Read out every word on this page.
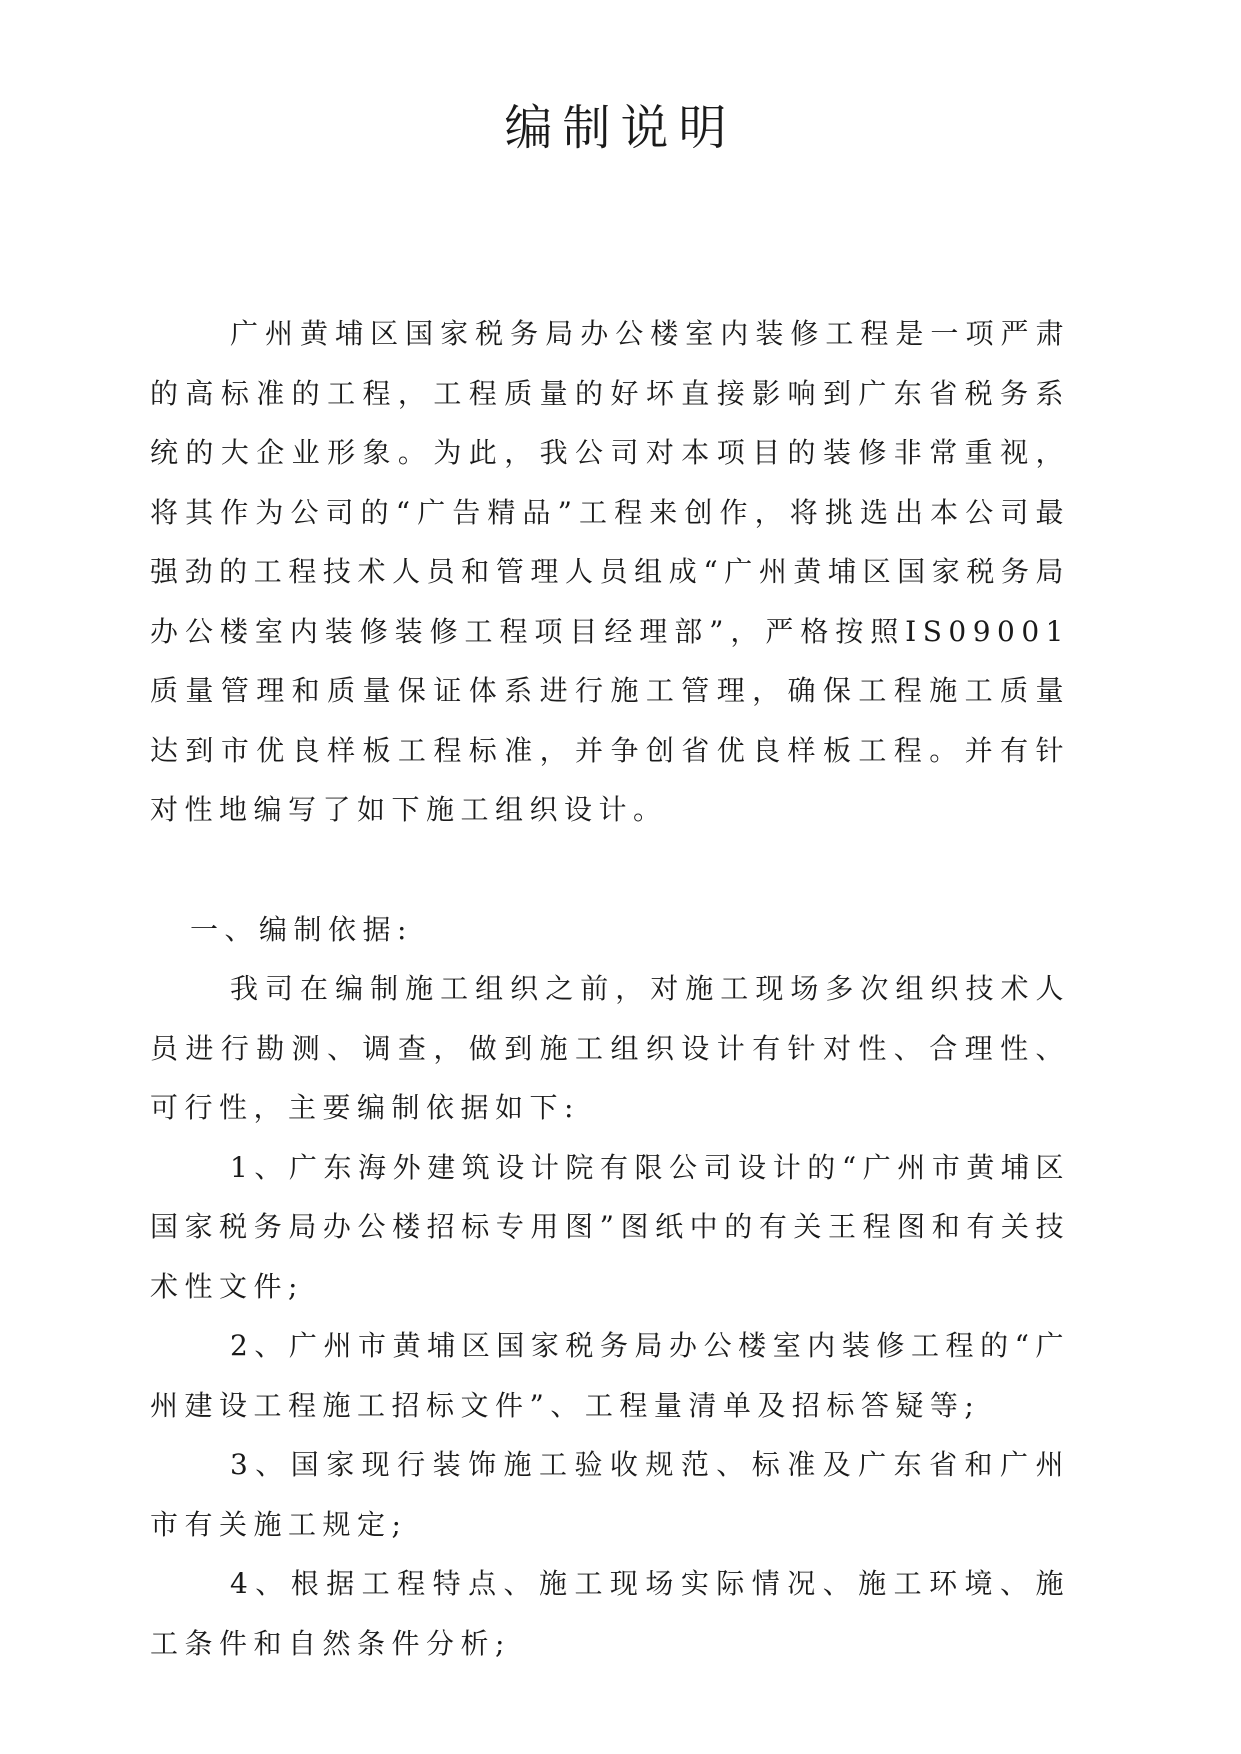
编制说明

广州黄埔区国家税务局办公楼室内装修工程是一项严肃的高标准的工程，工程质量的好坏直接影响到广东省税务系统的大企业形象。为此，我公司对本项目的装修非常重视，将其作为公司的“广告精品”工程来创作，将挑选出本公司最强劲的工程技术人员和管理人员组成“广州黄埔区国家税务局办公楼室内装修装修工程项目经理部”，严格按照IS09001质量管理和质量保证体系进行施工管理，确保工程施工质量达到市优良样板工程标准，并争创省优良样板工程。并有针对性地编写了如下施工组织设计。

一、编制依据:

我司在编制施工组织之前，对施工现场多次组织技术人员进行勘测、调查，做到施工组织设计有针对性、合理性、可行性，主要编制依据如下:

1、广东海外建筑设计院有限公司设计的“广州市黄埔区国家税务局办公楼招标专用图”图纸中的有关王程图和有关技术性文件;

2、广州市黄埔区国家税务局办公楼室内装修工程的“广州建设工程施工招标文件”、工程量清单及招标答疑等;

3、国家现行装饰施工验收规范、标准及广东省和广州市有关施工规定;

4、根据工程特点、施工现场实际情况、施工环境、施工条件和自然条件分析;
